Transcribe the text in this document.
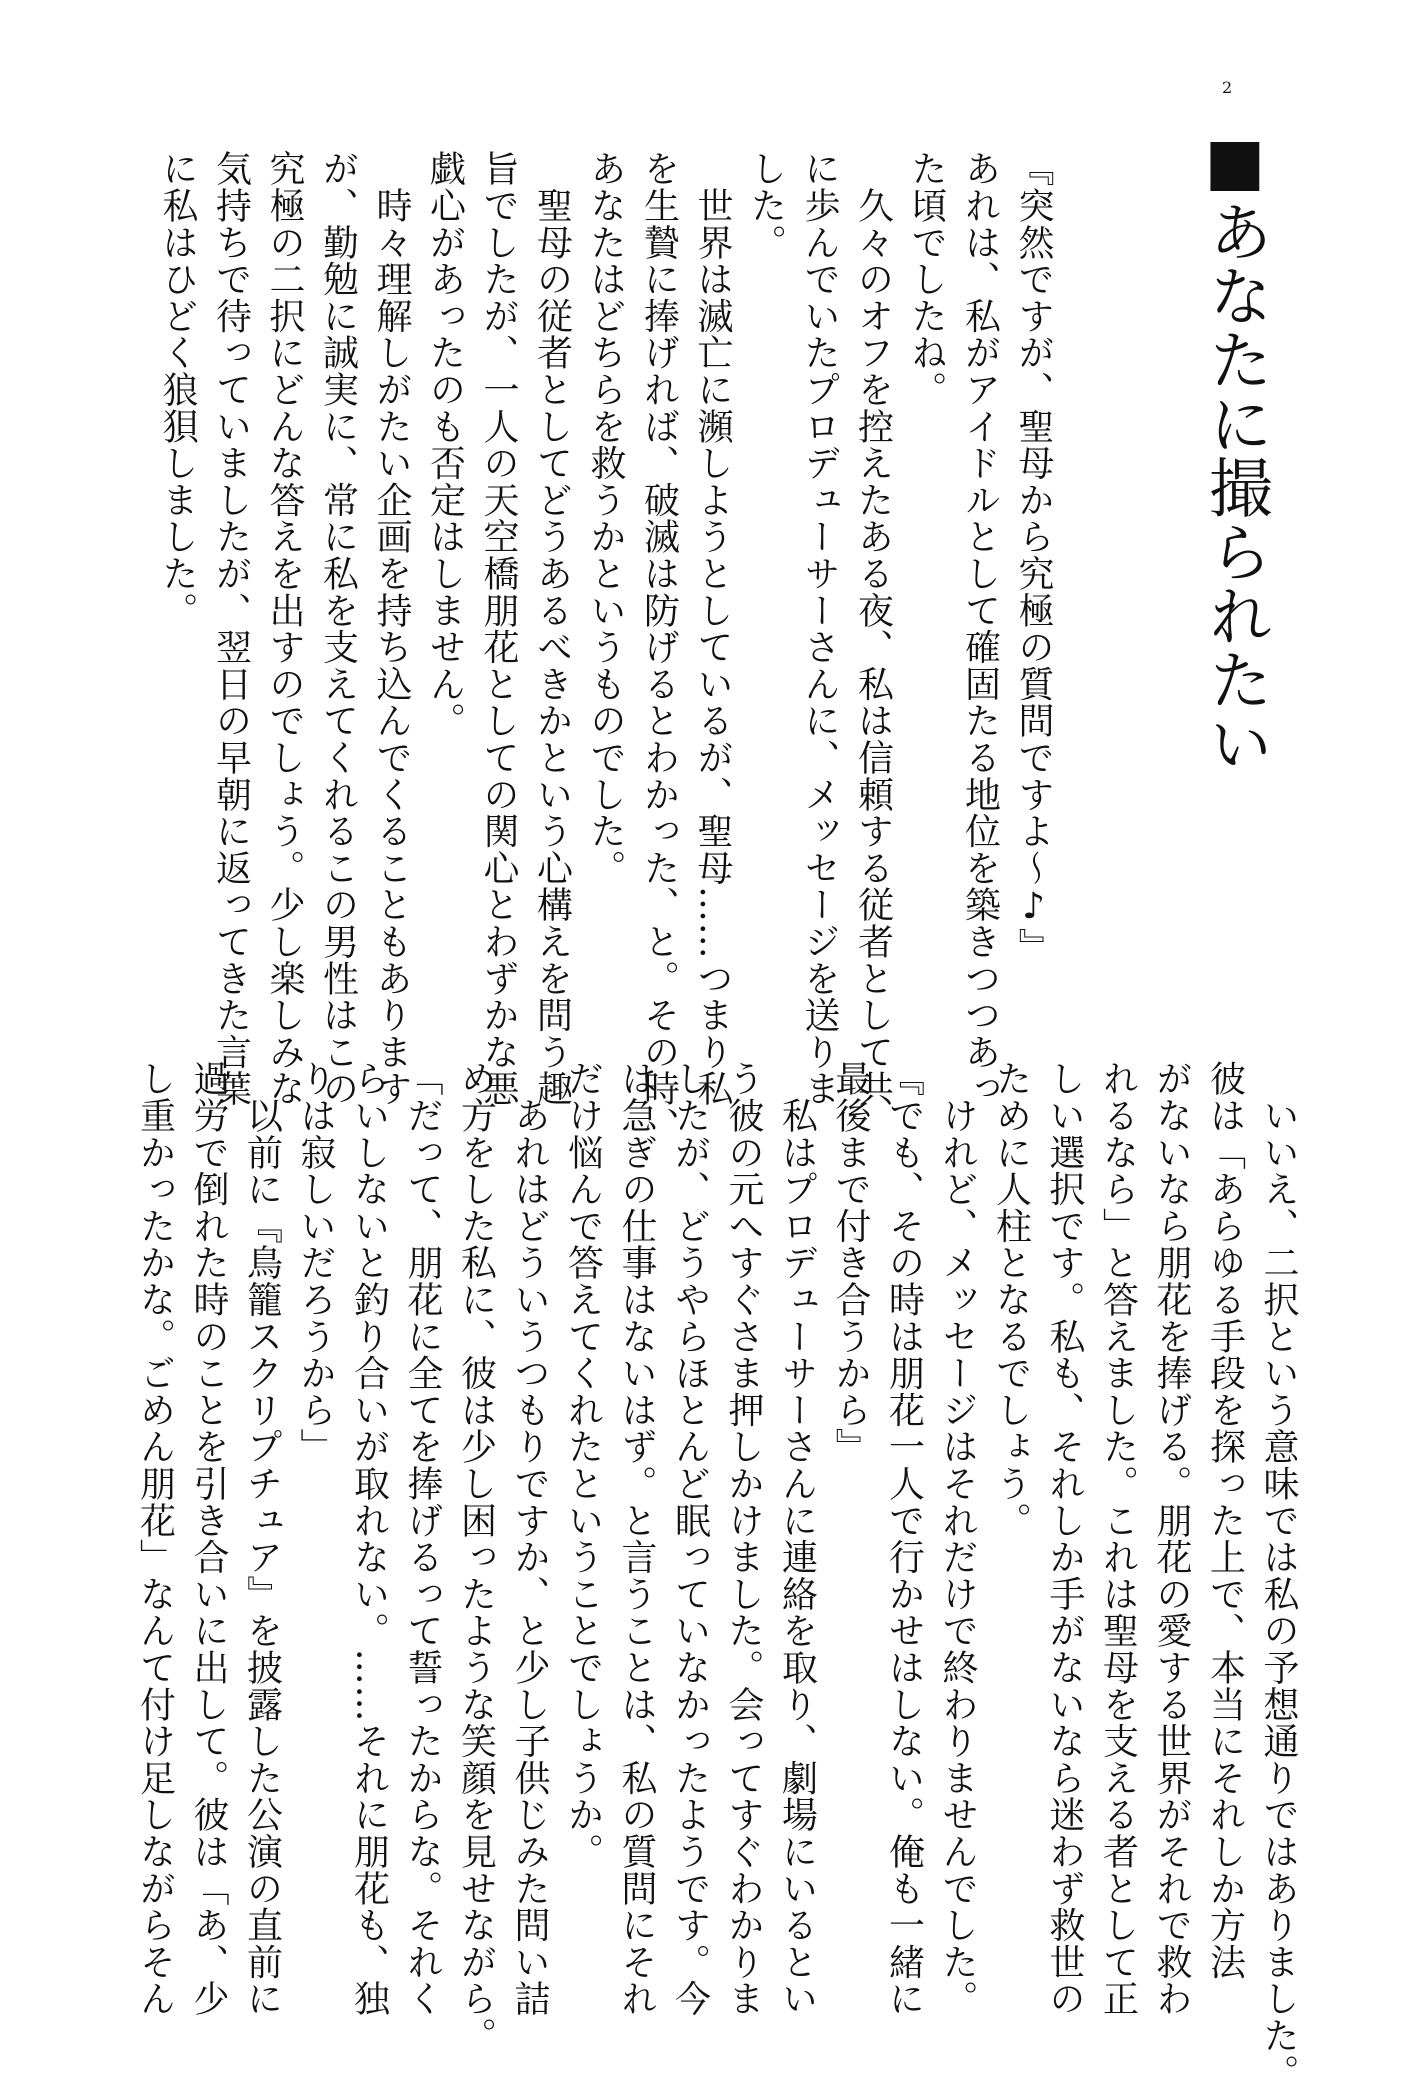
2
■あなたに撮られたい
『突然ですが、聖母から究極の質問ですよ〜♪』
あれは、私がアイドルとして確固たる地位を築きつつあっ
た頃でしたね。
　久々のオフを控えたある夜、私は信頼する従者として共
に歩んでいたプロデューサーさんに、メッセージを送りま
した。
　世界は滅亡に瀕しようとしているが、聖母……つまり私
を生贄に捧げれば、破滅は防げるとわかった、と。その時、
あなたはどちらを救うかというものでした。
　聖母の従者としてどうあるべきかという心構えを問う趣
旨でしたが、一人の天空橋朋花としての関心とわずかな悪
戯心があったのも否定はしません。
　時々理解しがたい企画を持ち込んでくることもあります
が、勤勉に誠実に、常に私を支えてくれるこの男性はこの
究極の二択にどんな答えを出すのでしょう。少し楽しみな
気持ちで待っていましたが、翌日の早朝に返ってきた言葉
に私はひどく狼狽しました。
　いいえ、二択という意味では私の予想通りではありました。
彼は「あらゆる手段を探った上で、本当にそれしか方法
がないなら朋花を捧げる。朋花の愛する世界がそれで救わ
れるなら」と答えました。これは聖母を支える者として正
しい選択です。私も、それしか手がないなら迷わず救世の
ために人柱となるでしょう。
　けれど、メッセージはそれだけで終わりませんでした。
『でも、その時は朋花一人で行かせはしない。俺も一緒に
最後まで付き合うから』
　私はプロデューサーさんに連絡を取り、劇場にいるとい
う彼の元へすぐさま押しかけました。会ってすぐわかりま
したが、どうやらほとんど眠っていなかったようです。今
は急ぎの仕事はないはず。と言うことは、私の質問にそれ
だけ悩んで答えてくれたということでしょうか。
　あれはどういうつもりですか、と少し子供じみた問い詰
め方をした私に、彼は少し困ったような笑顔を見せながら。
「だって、朋花に全てを捧げるって誓ったからな。それく
らいしないと釣り合いが取れない。……それに朋花も、独
りは寂しいだろうから」
　以前に『鳥籠スクリプチュア』を披露した公演の直前に
過労で倒れた時のことを引き合いに出して。彼は「あ、少
し重かったかな。ごめん朋花」なんて付け足しながらそん
